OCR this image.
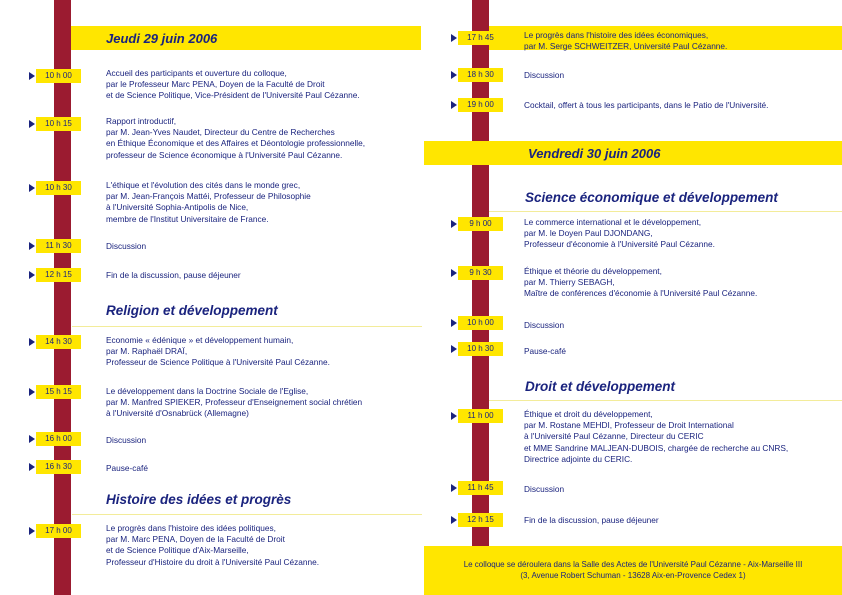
Jeudi 29 juin 2006
10 h 00	Accueil des participants et ouverture du colloque,
par le Professeur Marc PENA, Doyen de la Faculté de Droit
et de Science Politique, Vice-Président de l'Université Paul Cézanne.
10 h 15	Rapport introductif,
par M. Jean-Yves Naudet, Directeur du Centre de Recherches
en Éthique Économique et des Affaires et Déontologie professionnelle,
professeur de Science économique à l'Université Paul Cézanne.
10 h 30	L'éthique et l'évolution des cités dans le monde grec,
par M. Jean-François Mattéi, Professeur de Philosophie
à l'Université Sophia-Antipolis de Nice,
membre de l'Institut Universitaire de France.
11 h 30	Discussion
12 h 15	Fin de la discussion, pause déjeuner
Religion et développement
14 h 30	Economie « édénique » et développement humain,
par M. Raphaël DRAÏ,
Professeur de Science Politique à l'Université Paul Cézanne.
15 h 15	Le développement dans la Doctrine Sociale de l'Eglise,
par M. Manfred SPIEKER, Professeur d'Enseignement social chrétien
à l'Université d'Osnabrück (Allemagne)
16 h 00	Discussion
16 h 30	Pause-café
Histoire des idées et progrès
17 h 00	Le progrès dans l'histoire des idées politiques,
par M. Marc PENA, Doyen de la Faculté de Droit
et de Science Politique d'Aix-Marseille,
Professeur d'Histoire du droit à l'Université Paul Cézanne.
17 h 45	Le progrès dans l'histoire des idées économiques,
par M. Serge SCHWEITZER, Université Paul Cézanne.
18 h 30	Discussion
19 h 00	Cocktail, offert à tous les participants, dans le Patio de l'Université.
Vendredi 30 juin 2006
Science économique et développement
9 h 00	Le commerce international et le développement,
par M. le Doyen Paul DJONDANG,
Professeur d'économie à l'Université Paul Cézanne.
9 h 30	Éthique et théorie du développement,
par M. Thierry SEBAGH,
Maître de conférences d'économie à l'Université Paul Cézanne.
10 h 00	Discussion
10 h 30	Pause-café
Droit et développement
11 h 00	Éthique et droit du développement,
par M. Rostane MEHDI, Professeur de Droit International
à l'Université Paul Cézanne, Directeur du CERIC
et MME Sandrine MALJEAN-DUBOIS, chargée de recherche au CNRS,
Directrice adjointe du CERIC.
11 h 45	Discussion
12 h 15	Fin de la discussion, pause déjeuner
Le colloque se déroulera dans la Salle des Actes de l'Université Paul Cézanne - Aix-Marseille III
(3, Avenue Robert Schuman - 13628 Aix-en-Provence Cedex 1)
